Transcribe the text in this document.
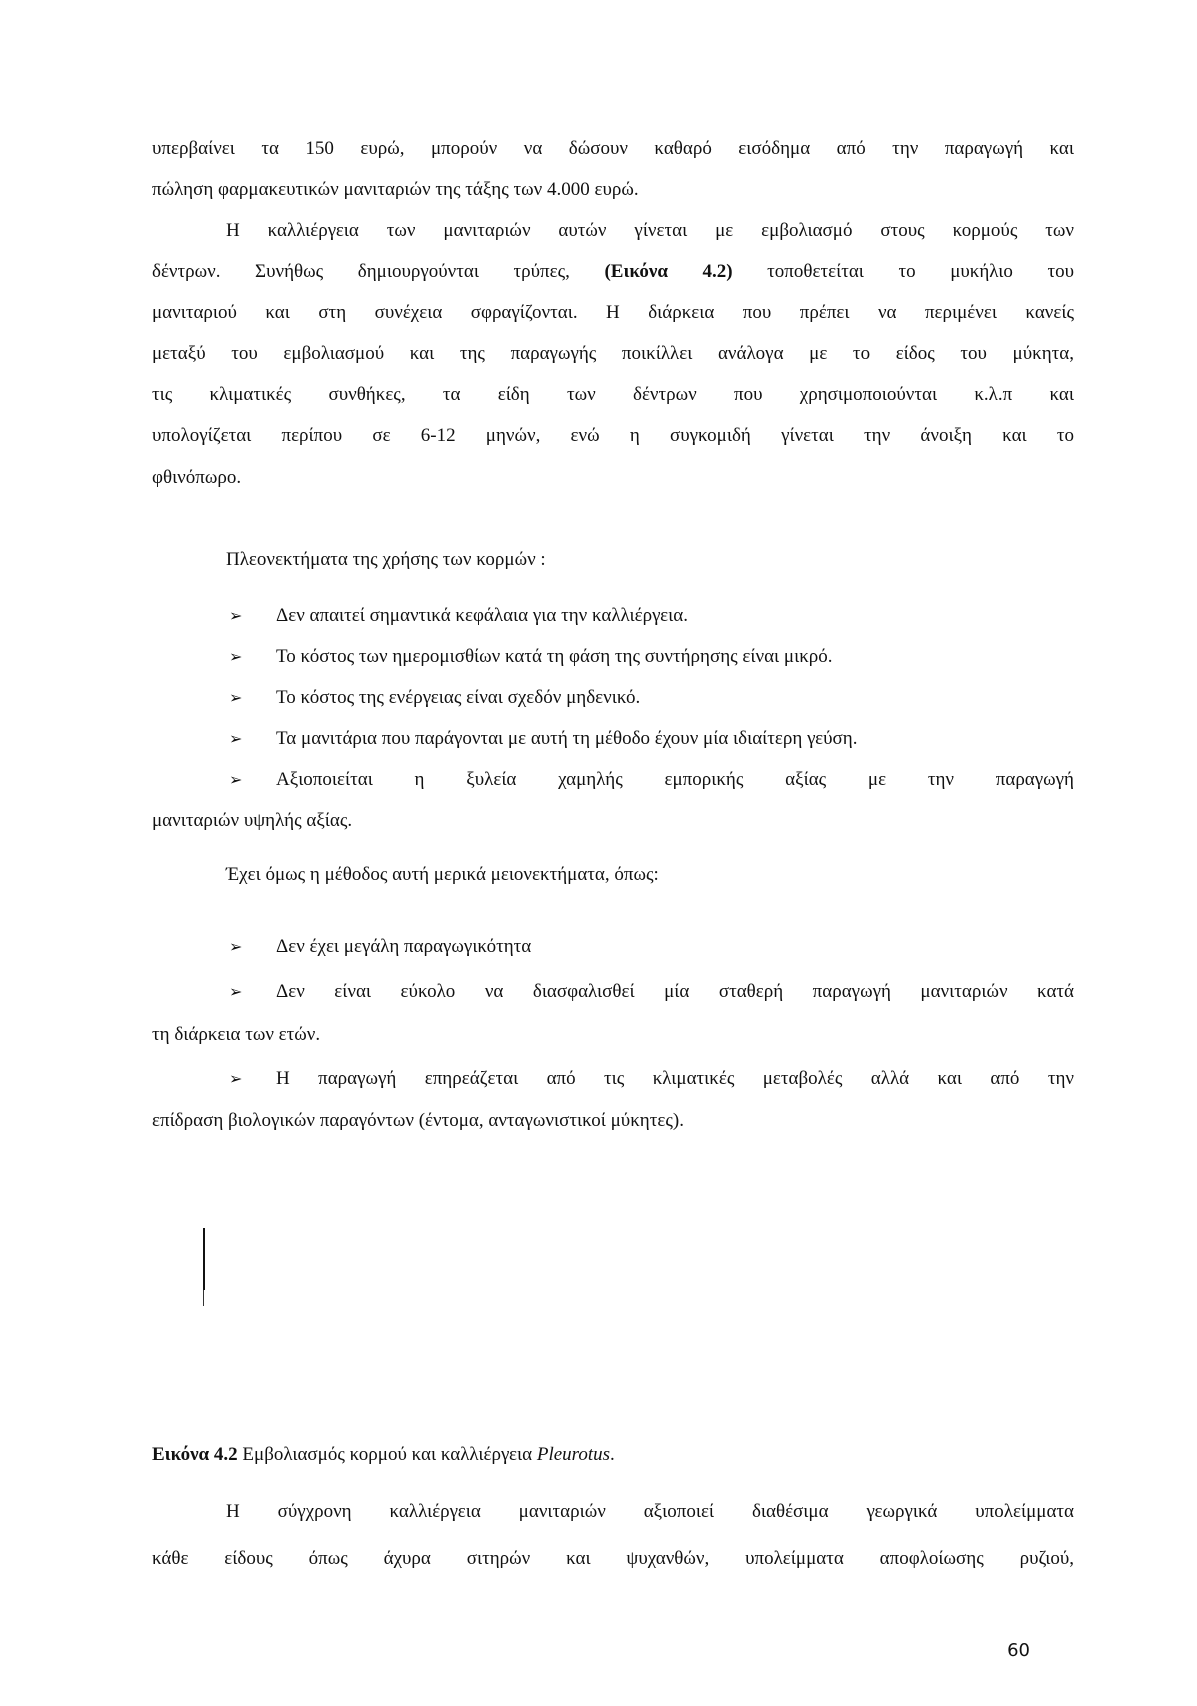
υπερβαίνει τα 150 ευρώ, μπορούν να δώσουν καθαρό εισόδημα από την παραγωγή και
πώληση φαρμακευτικών μανιταριών της τάξης των 4.000 ευρώ.
Η καλλιέργεια των μανιταριών αυτών γίνεται με εμβολιασμό στους κορμούς των
δέντρων. Συνήθως δημιουργούνται τρύπες, (Εικόνα 4.2) τοποθετείται το μυκήλιο του
μανιταριού και στη συνέχεια σφραγίζονται. Η διάρκεια που πρέπει να περιμένει κανείς
μεταξύ του εμβολιασμού και της παραγωγής ποικίλλει ανάλογα με το είδος του μύκητα,
τις κλιματικές συνθήκες, τα είδη των δέντρων που χρησιμοποιούνται κ.λ.π και
υπολογίζεται περίπου σε 6-12 μηνών, ενώ η συγκομιδή γίνεται την άνοιξη και το
φθινόπωρο.
Πλεονεκτήματα της χρήσης των κορμών :
➢ Δεν απαιτεί σημαντικά κεφάλαια για την καλλιέργεια.
➢ Το κόστος των ημερομισθίων κατά τη φάση της συντήρησης είναι μικρό.
➢ Το κόστος της ενέργειας είναι σχεδόν μηδενικό.
➢ Τα μανιτάρια που παράγονται με αυτή τη μέθοδο έχουν μία ιδιαίτερη γεύση.
➢ Αξιοποιείται η ξυλεία χαμηλής εμπορικής αξίας με την παραγωγή
μανιταριών υψηλής αξίας.
Έχει όμως η μέθοδος αυτή μερικά μειονεκτήματα, όπως:
➢ Δεν έχει μεγάλη παραγωγικότητα
➢ Δεν είναι εύκολο να διασφαλισθεί μία σταθερή παραγωγή μανιταριών κατά
τη διάρκεια των ετών.
➢ Η παραγωγή επηρεάζεται από τις κλιματικές μεταβολές αλλά και από την
επίδραση βιολογικών παραγόντων (έντομα, ανταγωνιστικοί μύκητες).
Εικόνα 4.2 Εμβολιασμός κορμού και καλλιέργεια Pleurotus.
Η σύγχρονη καλλιέργεια μανιταριών αξιοποιεί διαθέσιμα γεωργικά υπολείμματα
κάθε είδους όπως άχυρα σιτηρών και ψυχανθών, υπολείμματα αποφλοίωσης ρυζιού,
60
